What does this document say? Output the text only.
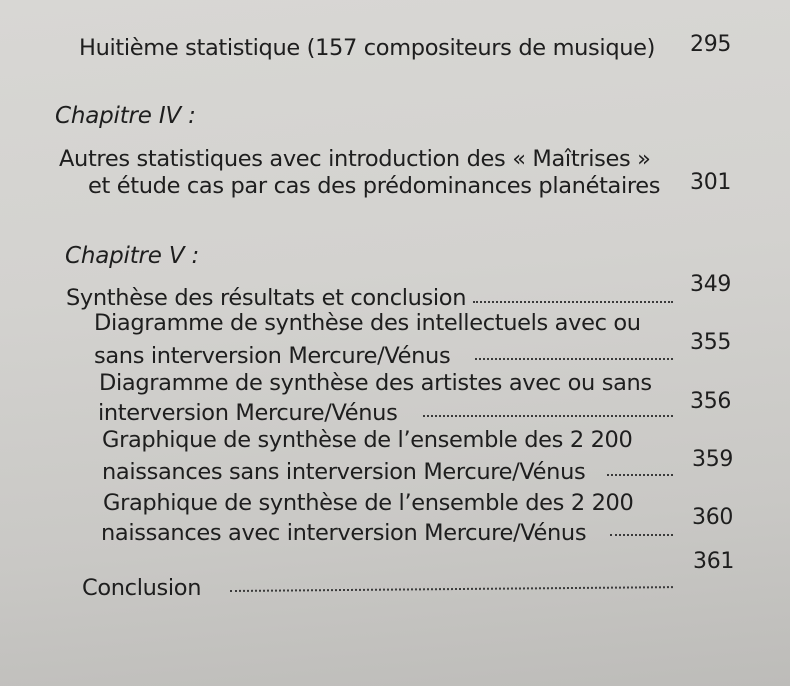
Huitième statistique (157 compositeurs de musique) 295
Chapitre IV :
Autres statistiques avec introduction des « Maîtrises »
et étude cas par cas des prédominances planétaires 301
Chapitre V :
Synthèse des résultats et conclusion
349
Diagramme de synthèse des intellectuels avec ou
sans interversion Mercure/Vénus
355
Diagramme de synthèse des artistes avec ou sans
interversion Mercure/Vénus	356
Graphique de synthèse de l’ensemble des 2 200
naissances sans interversion Mercure/Vénus	359
Graphique de synthèse de l’ensemble des 2 200
naissances avec interversion Mercure/Vénus
360
Conclusion
361
